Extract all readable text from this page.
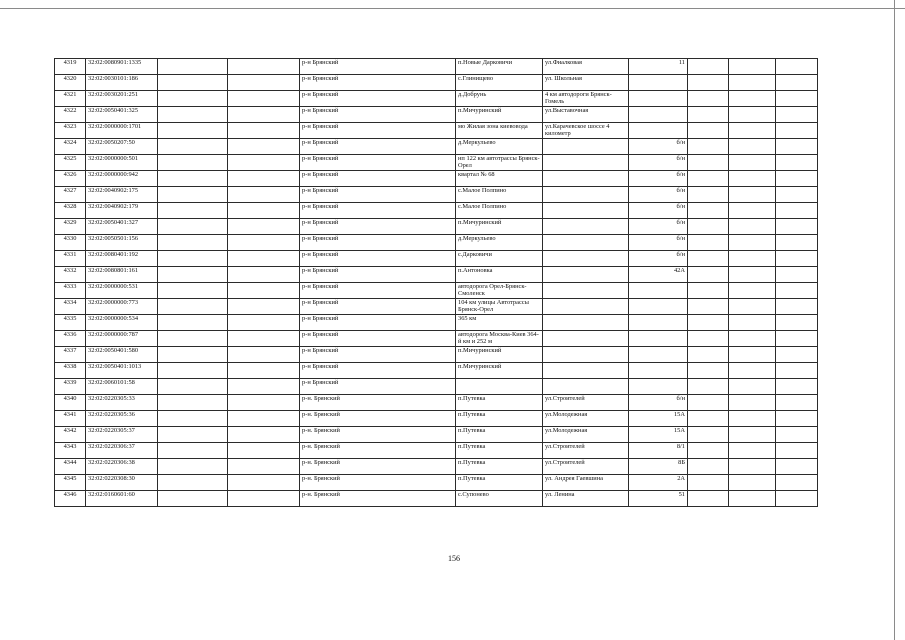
4319	32:02:0080901:1335			р-н Брянский	п.Новые Дарковичи	ул.Фиалковая	11			
4320	32:02:0030101:186			р-н Брянский	с.Глинищево	ул. Школьная				
4321	32:02:0030201:251			р-н Брянский	д.Добрунь	4 км автодороги Брянск-Гомель				
4322	32:02:0050401:325			р-н Брянский	п.Мичуринский	ул.Выставочная				
4323	32:02:0000000:1701			р-н Брянский	мо Жилая зона киевовода	ул.Карачевское шоссе 4 километр				
4324	32:02:0050207:50			р-н Брянский	д.Меркульево		б/н			
4325	32:02:0000000:501			р-н Брянский	нп 122 км автотрассы Брянск-Орел		б/н			
4326	32:02:0000000:942			р-н Брянский	квартал № 68		б/н			
4327	32:02:0040902:175			р-н Брянский	с.Малое Полпино		б/н			
4328	32:02:0040902:179			р-н Брянский	с.Малое Полпино		б/н			
4329	32:02:0050401:327			р-н Брянский	п.Мичуринский		б/н			
4330	32:02:0050501:156			р-н Брянский	д.Меркульево		б/н			
4331	32:02:0080401:192			р-н Брянский	с.Дарковичи		б/н			
4332	32:02:0080801:161			р-н Брянский	п.Антоновка		42А			
4333	32:02:0000000:531			р-н Брянский	автодорога Орел-Брянск-Смоленск					
4334	32:02:0000000:773			р-н Брянский	104 км улицы Автотрассы Брянск-Орел					
4335	32:02:0000000:534			р-н Брянский	365 км					
4336	32:02:0000000:787			р-н Брянский	автодорога Москва-Киев 364-й км и 252 м					
4337	32:02:0050401:580			р-н Брянский	п.Мичуринский					
4338	32:02:0050401:1013			р-н Брянский	п.Мичуринский					
4339	32:02:0060101:58			р-н Брянский						
4340	32:02:0220305:33			р-н. Брянский	п.Путевка	ул.Строителей	б/н			
4341	32:02:0220305:36			р-н. Брянский	п.Путевка	ул.Молодежная	15А			
4342	32:02:0220305:37			р-н. Брянский	п.Путевка	ул.Молодежная	15А			
4343	32:02:0220306:37			р-н. Брянский	п.Путевка	ул.Строителей	8/1			
4344	32:02:0220306:38			р-н. Брянский	п.Путевка	ул.Строителей	8Б			
4345	32:02:0220308:30			р-н. Брянский	п.Путевка	ул. Андрея Гаевшина	2А			
4346	32:02:0160601:60			р-н. Брянский	с.Супонево	ул. Ленина	51			
156
